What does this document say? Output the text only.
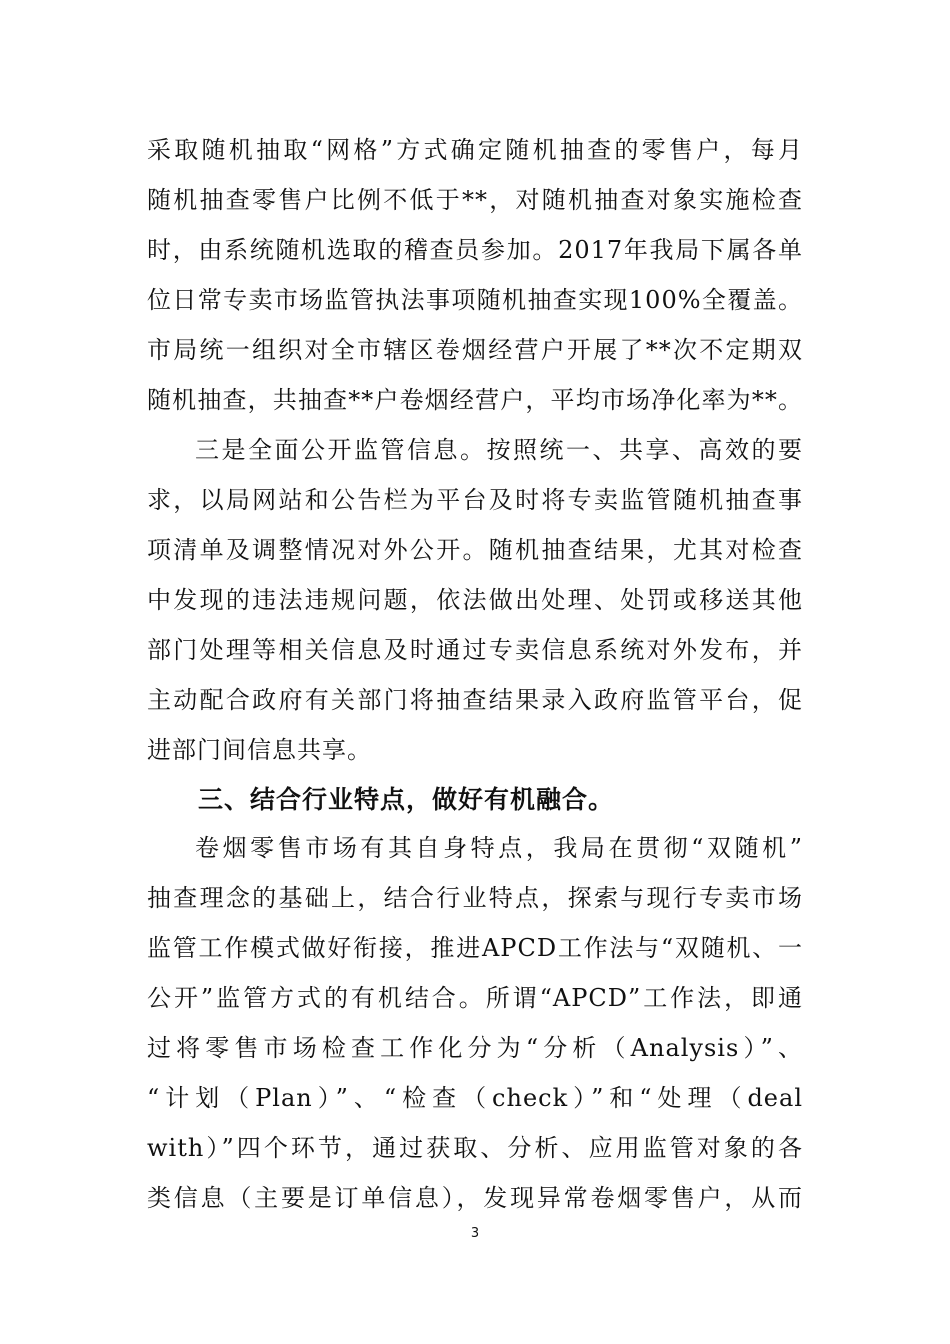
采取随机抽取“网格”方式确定随机抽查的零售户，每月
随机抽查零售户比例不低于**，对随机抽查对象实施检查
时，由系统随机选取的稽查员参加。2017年我局下属各单
位日常专卖市场监管执法事项随机抽查实现100%全覆盖。
市局统一组织对全市辖区卷烟经营户开展了**次不定期双
随机抽查，共抽查**户卷烟经营户，平均市场净化率为**。
三是全面公开监管信息。按照统一、共享、高效的要
求，以局网站和公告栏为平台及时将专卖监管随机抽查事
项清单及调整情况对外公开。随机抽查结果，尤其对检查
中发现的违法违规问题，依法做出处理、处罚或移送其他
部门处理等相关信息及时通过专卖信息系统对外发布，并
主动配合政府有关部门将抽查结果录入政府监管平台，促
进部门间信息共享。
三、结合行业特点，做好有机融合。
卷烟零售市场有其自身特点，我局在贯彻“双随机”
抽查理念的基础上，结合行业特点，探索与现行专卖市场
监管工作模式做好衔接，推进APCD工作法与“双随机、一
公开”监管方式的有机结合。所谓“APCD”工作法，即通
过将零售市场检查工作化分为“分析（Analysis）”、
“计划（Plan）”、“检查（check）”和“处理（deal
with）”四个环节，通过获取、分析、应用监管对象的各
类信息（主要是订单信息），发现异常卷烟零售户，从而
3
